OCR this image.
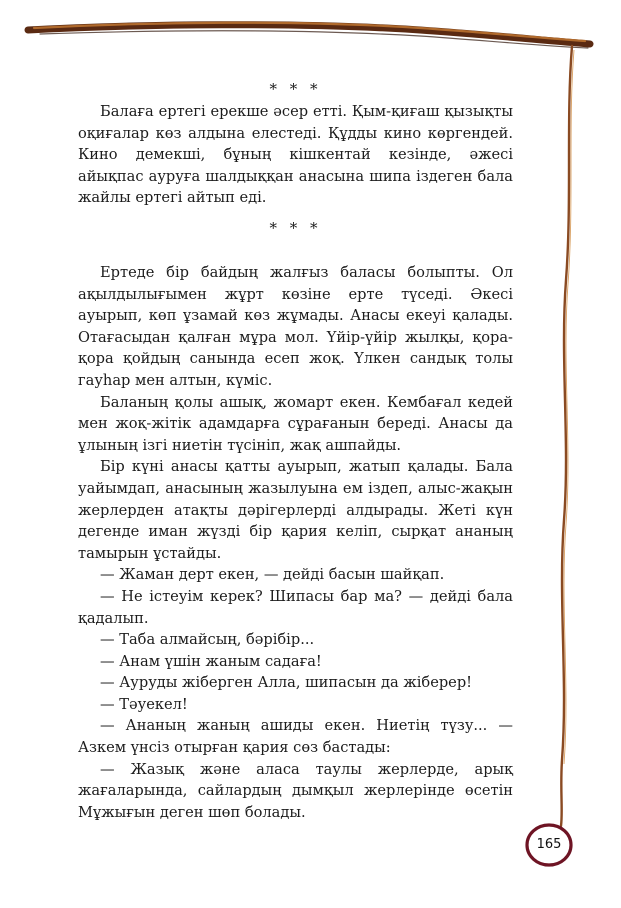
* * *

Балаға ертегі ерекше әсер етті. Қым-қиғаш қызықты оқиғалар көз алдына елестеді. Құдды кино көргендей. Кино демекші, бұның кішкентай кезінде, әжесі айықпас ауруға шалдыққан анасына шипа іздеген бала жайлы ертегі айтып еді.

* * *

Ертеде бір байдың жалғыз баласы болыпты. Ол ақылдылығымен жұрт көзіне ерте түседі. Әкесі ауырып, көп ұзамай көз жұмады. Анасы екеуі қалады. Отағасыдан қалған мұра мол. Үйір-үйір жылқы, қора-қора қойдың санында есеп жоқ. Үлкен сандық толы гауһар мен алтын, күміс.

Баланың қолы ашық, жомарт екен. Кембағал кедей мен жоқ-жітік адамдарға сұрағанын береді. Анасы да ұлының ізгі ниетін түсініп, жақ ашпайды.

Бір күні анасы қатты ауырып, жатып қалады. Бала уайымдап, анасының жазылуына ем іздеп, алыс-жақын жерлерден атақты дәрігерлерді алдырады. Жеті күн дегенде иман жүзді бір қария келіп, сырқат ананың тамырын ұстайды.

— Жаман дерт екен, — дейді басын шайқап.

— Не істеуім керек? Шипасы бар ма? — дейді бала қадалып.

— Таба алмайсың, бәрібір...

— Анам үшін жаным садаға!

— Ауруды жіберген Алла, шипасын да жіберер!

— Тәуекел!

— Ананың жаның ашиды екен. Ниетің түзу... — Азкем үнсіз отырған қария сөз бастады:

— Жазық және аласа таулы жерлерде, арық жағаларында, сайлардың дымқыл жерлерінде өсетін Мұжығын деген шөп болады.

165
